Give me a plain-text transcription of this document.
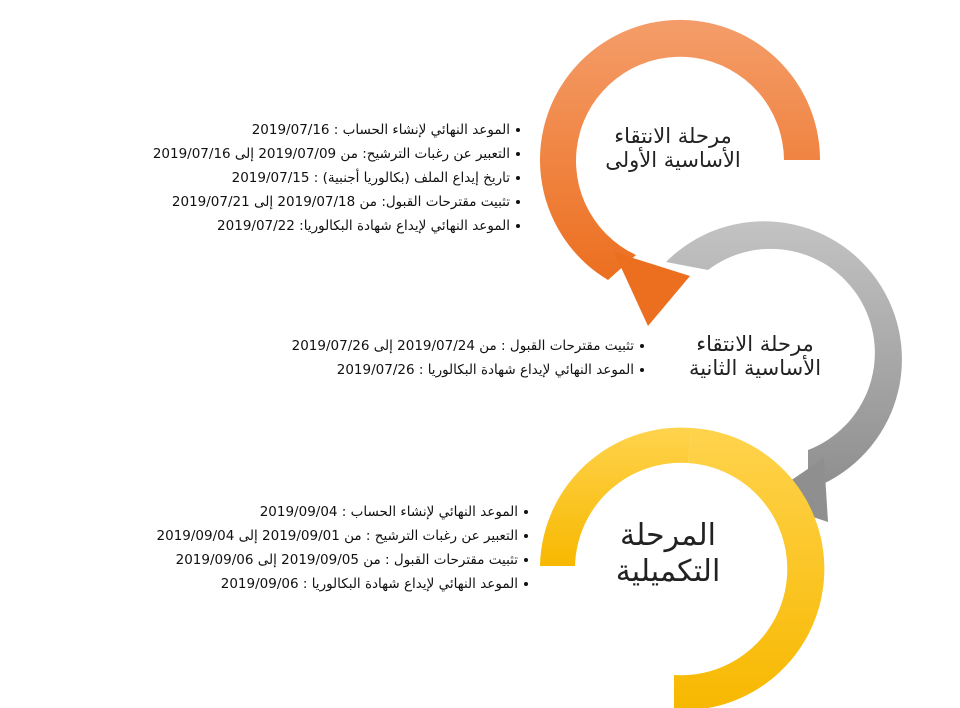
مرحلة الانتقاء
الأساسية الأولى
مرحلة الانتقاء
الأساسية الثانية
المرحلة
التكميلية
الموعد النهائي لإنشاء الحساب : 2019/07/16
التعبير عن رغبات الترشيح: من 2019/07/09 إلى 2019/07/16
تاريخ إيداع الملف (بكالوريا أجنبية) : 2019/07/15
تثبيت مقترحات القبول: من 2019/07/18 إلى 2019/07/21
الموعد النهائي لإيداع شهادة البكالوريا: 2019/07/22
تثبيت مقترحات القبول : من 2019/07/24 إلى 2019/07/26
الموعد النهائي لإيداع شهادة البكالوريا : 2019/07/26
الموعد النهائي لإنشاء الحساب : 2019/09/04
التعبير عن رغبات الترشيح : من 2019/09/01 إلى 2019/09/04
تثبيت مقترحات القبول : من 2019/09/05 إلى 2019/09/06
الموعد النهائي لإيداع شهادة البكالوريا : 2019/09/06
